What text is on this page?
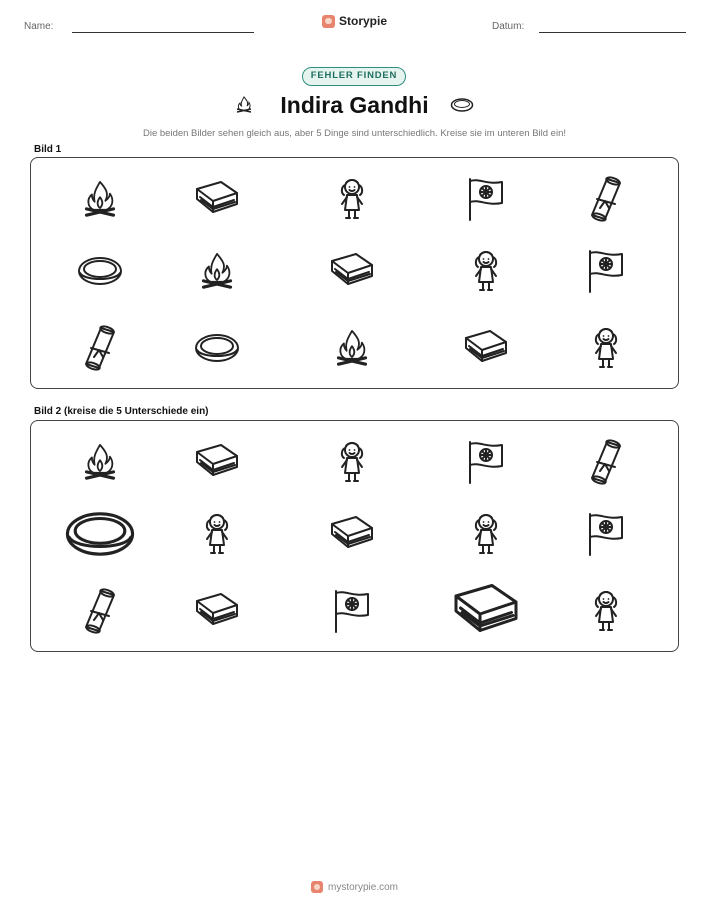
Name:	Storypie	Datum:
FEHLER FINDEN
Indira Gandhi
Die beiden Bilder sehen gleich aus, aber 5 Dinge sind unterschiedlich. Kreise sie im unteren Bild ein!
Bild 1
Bild 2 (kreise die 5 Unterschiede ein)
mystorypie.com
